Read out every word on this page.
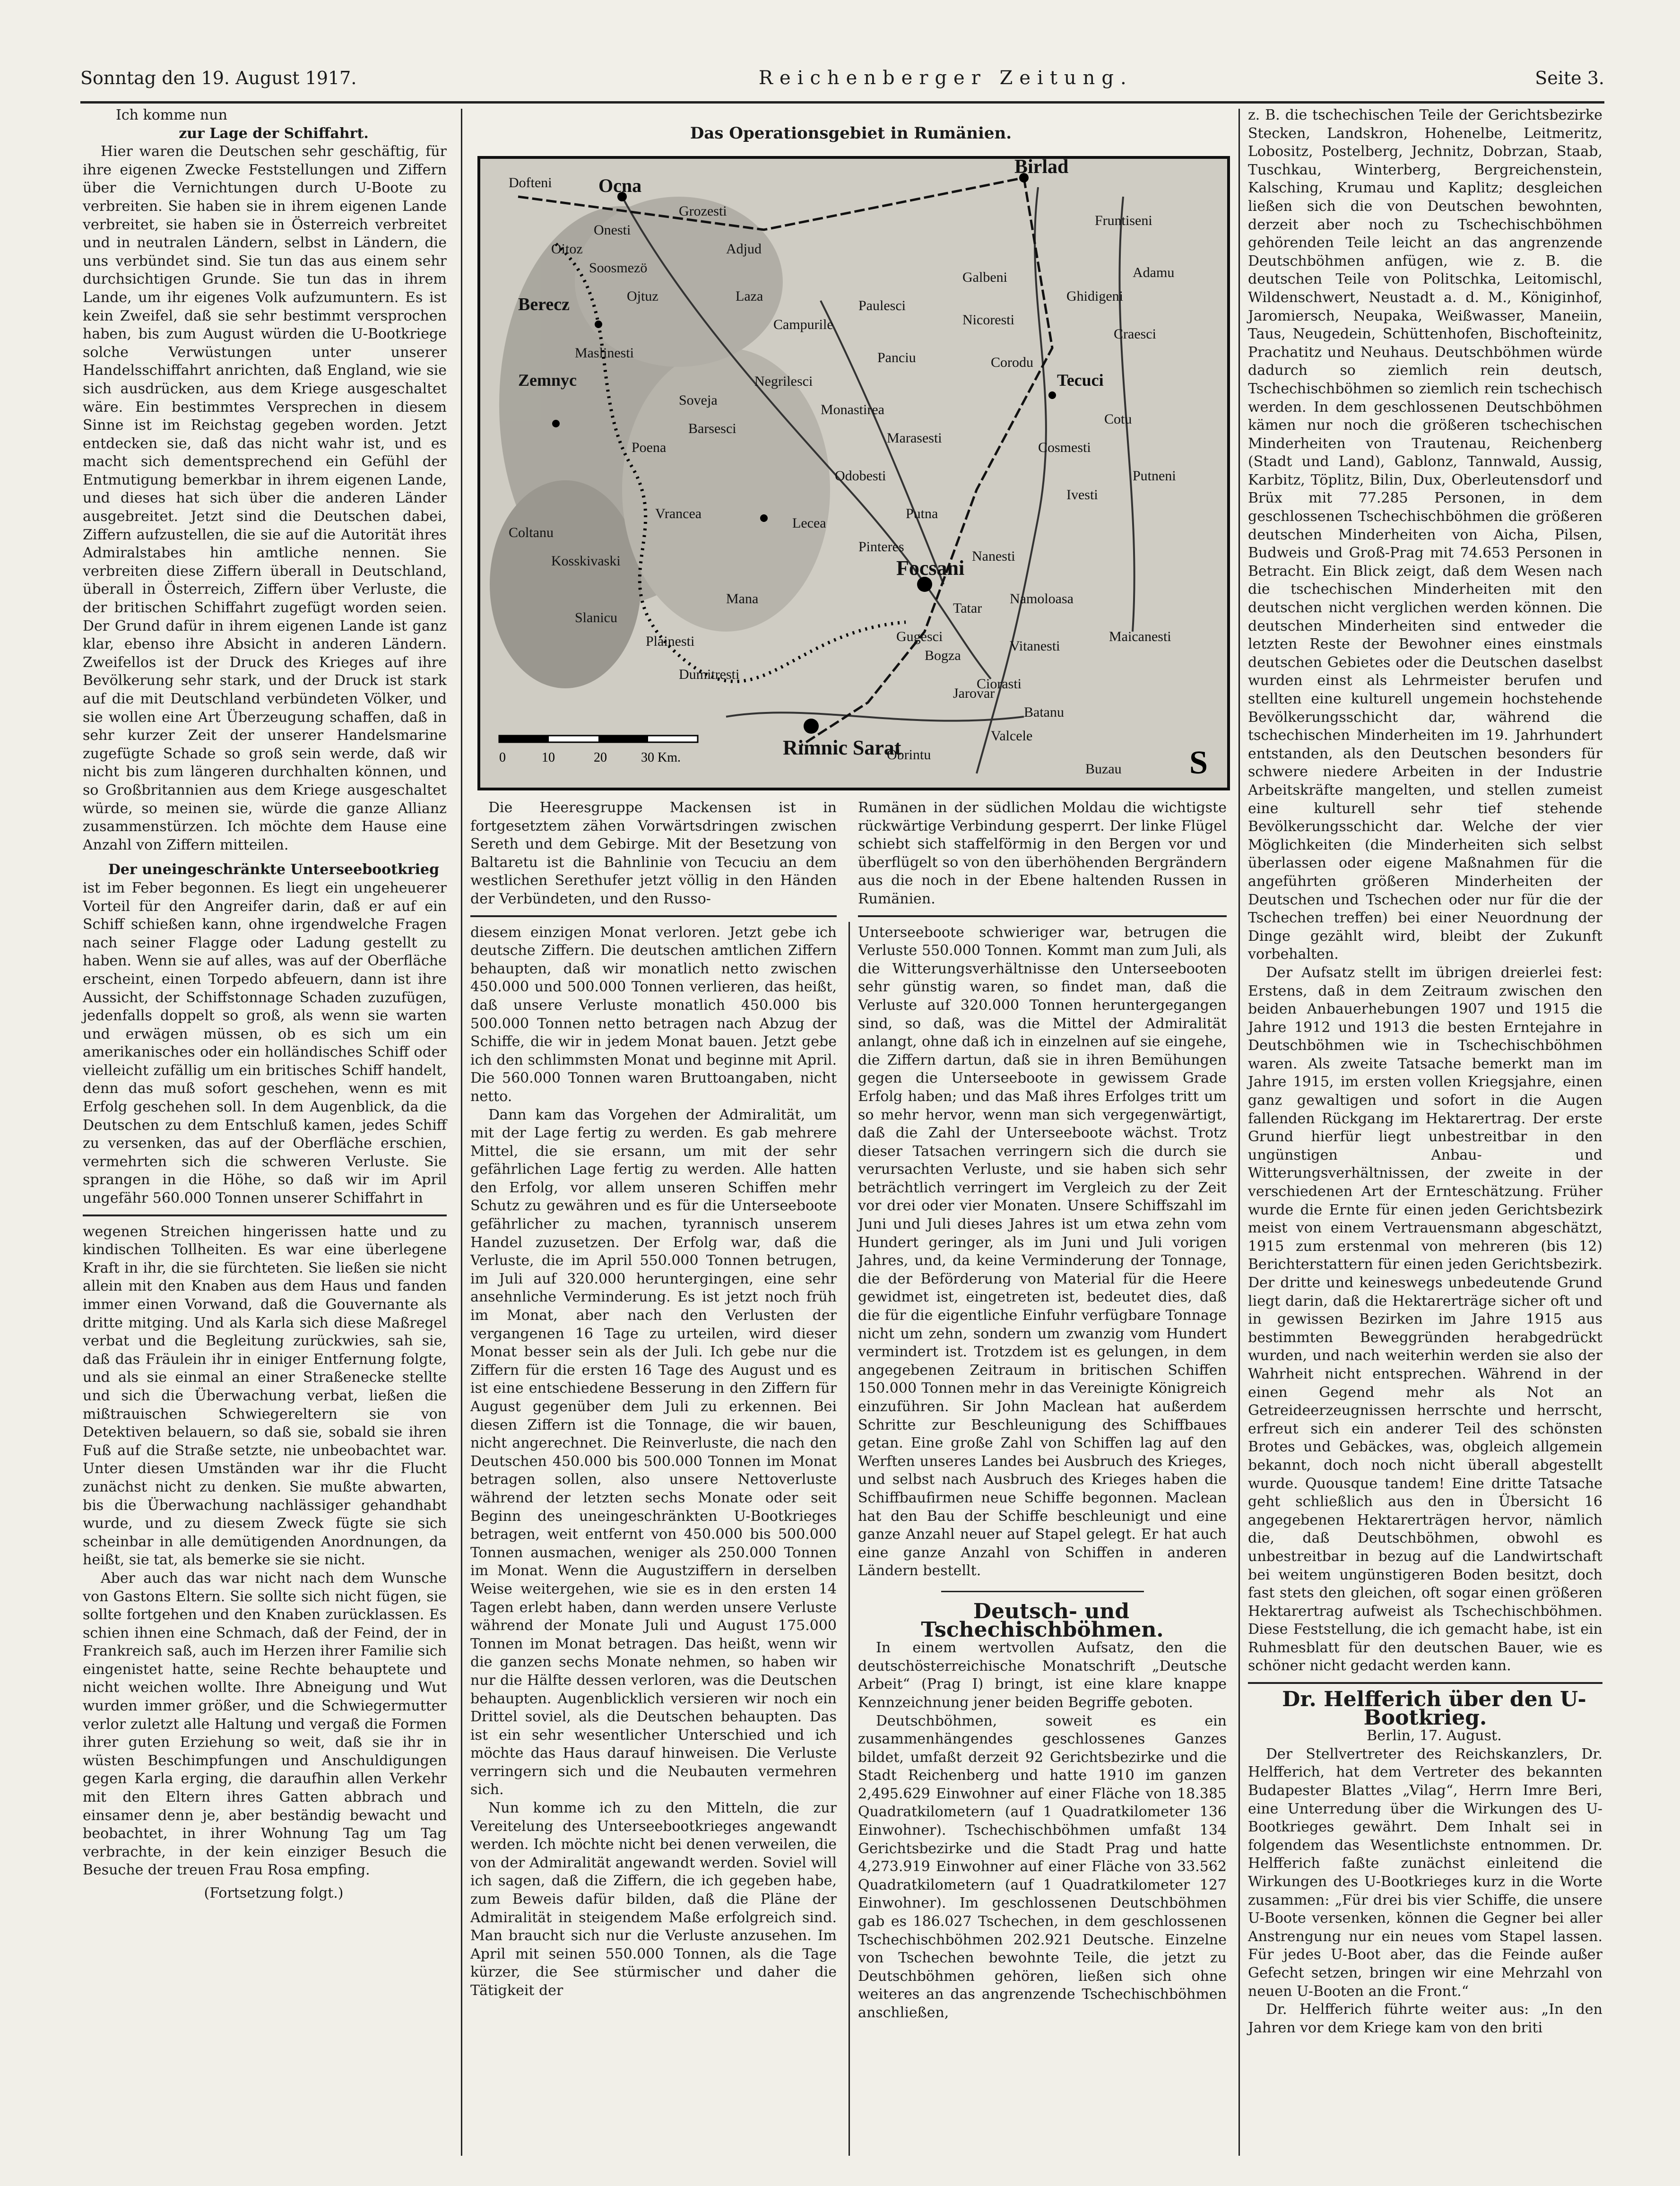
Sonntag den 19. August 1917.	Reichenberger Zeitung.	Seite 3.

Ich komme nun

zur Lage der Schiffahrt.

Hier waren die Deutschen sehr geschäftig, für ihre eigenen Zwecke Feststellungen und Ziffern über die Vernichtungen durch U-Boote zu verbreiten. Sie haben sie in ihrem eigenen Lande verbreitet, sie haben sie in Österreich verbreitet und in neutralen Ländern, selbst in Ländern, die uns verbündet sind. Sie tun das aus einem sehr durchsichtigen Grunde. Sie tun das in ihrem Lande, um ihr eigenes Volk aufzumuntern. Es ist kein Zweifel, daß sie sehr bestimmt versprochen haben, bis zum August würden die U-Bootkriege solche Verwüstungen unter unserer Handelsschiffahrt anrichten, daß England, wie sie sich ausdrücken, aus dem Kriege ausgeschaltet wäre. Ein bestimmtes Versprechen in diesem Sinne ist im Reichstag gegeben worden. Jetzt entdecken sie, daß das nicht wahr ist, und es macht sich dementsprechend ein Gefühl der Entmutigung bemerkbar in ihrem eigenen Lande, und dieses hat sich über die anderen Länder ausgebreitet. Jetzt sind die Deutschen dabei, Ziffern aufzustellen, die sie auf die Autorität ihres Admiralstabes hin amtliche nennen. Sie verbreiten diese Ziffern überall in Deutschland, überall in Österreich, Ziffern über Verluste, die der britischen Schiffahrt zugefügt worden seien. Der Grund dafür in ihrem eigenen Lande ist ganz klar, ebenso ihre Absicht in anderen Ländern. Zweifellos ist der Druck des Krieges auf ihre Bevölkerung sehr stark, und der Druck ist stark auf die mit Deutschland verbündeten Völker, und sie wollen eine Art Überzeugung schaffen, daß in sehr kurzer Zeit der unserer Handelsmarine zugefügte Schade so groß sein werde, daß wir nicht bis zum längeren durchhalten können, und so Großbritannien aus dem Kriege ausgeschaltet würde, so meinen sie, würde die ganze Allianz zusammenstürzen. Ich möchte dem Hause eine Anzahl von Ziffern mitteilen.

Der uneingeschränkte Unterseebootkrieg

ist im Feber begonnen. Es liegt ein ungeheuerer Vorteil für den Angreifer darin, daß er auf ein Schiff schießen kann, ohne irgendwelche Fragen nach seiner Flagge oder Ladung gestellt zu haben. Wenn sie auf alles, was auf der Oberfläche erscheint, einen Torpedo abfeuern, dann ist ihre Aussicht, der Schiffstonnage Schaden zuzufügen, jedenfalls doppelt so groß, als wenn sie warten und erwägen müssen, ob es sich um ein amerikanisches oder ein holländisches Schiff oder vielleicht zufällig um ein britisches Schiff handelt, denn das muß sofort geschehen, wenn es mit Erfolg geschehen soll. In dem Augenblick, da die Deutschen zu dem Entschluß kamen, jedes Schiff zu versenken, das auf der Oberfläche erschien, vermehrten sich die schweren Verluste. Sie sprangen in die Höhe, so daß wir im April ungefähr 560.000 Tonnen unserer Schiffahrt in

wegenen Streichen hingerissen hatte und zu kindischen Tollheiten. Es war eine überlegene Kraft in ihr, die sie fürchteten. Sie ließen sie nicht allein mit den Knaben aus dem Haus und fanden immer einen Vorwand, daß die Gouvernante als dritte mitging. Und als Karla sich diese Maßregel verbat und die Begleitung zurückwies, sah sie, daß das Fräulein ihr in einiger Entfernung folgte, und als sie einmal an einer Straßenecke stellte und sich die Überwachung verbat, ließen die mißtrauischen Schwiegereltern sie von Detektiven belauern, so daß sie, sobald sie ihren Fuß auf die Straße setzte, nie unbeobachtet war. Unter diesen Umständen war ihr die Flucht zunächst nicht zu denken. Sie mußte abwarten, bis die Überwachung nachlässiger gehandhabt wurde, und zu diesem Zweck fügte sie sich scheinbar in alle demütigenden Anordnungen, da heißt, sie tat, als bemerke sie sie nicht.

Aber auch das war nicht nach dem Wunsche von Gastons Eltern. Sie sollte sich nicht fügen, sie sollte fortgehen und den Knaben zurücklassen. Es schien ihnen eine Schmach, daß der Feind, der in Frankreich saß, auch im Herzen ihrer Familie sich eingenistet hatte, seine Rechte behauptete und nicht weichen wollte. Ihre Abneigung und Wut wurden immer größer, und die Schwiegermutter verlor zuletzt alle Haltung und vergaß die Formen ihrer guten Erziehung so weit, daß sie ihr in wüsten Beschimpfungen und Anschuldigungen gegen Karla erging, die daraufhin allen Verkehr mit den Eltern ihres Gatten abbrach und einsamer denn je, aber beständig bewacht und beobachtet, in ihrer Wohnung Tag um Tag verbrachte, in der kein einziger Besuch die Besuche der treuen Frau Rosa empfing.

(Fortsetzung folgt.)

Das Operationsgebiet in Rumänien.
Birlad
Ocna
Dofteni
Onesti
Grozesti
Adjud
Berecz
Soosmezö
Oitoz
Ojtuz
Zemnyc
Nanesti
Focsani
Marasesti
Tecuci
Ivesti
Panciu
Odobesti
Campurile
Soveja
Gugesci
Vrancea
Rimnic Sarat
Putna
Namoloasa
Cosmesti
Ciorasti
Buzau
Negrilesci
Laza
Paulesci
Monastirea
Barsesci
Poena
Maslinesti
Lecea
Corodu
Nicoresti
Galbeni
Ghidigeni
Fruntiseni
Pinteres
Adamu
Cotu
Bogza
Jarovar
Vitanesti
Batanu
Maicanesti
Valcele
Obrintu
Putneni
Coltanu
Kosskivaski
Plainesti
Dumitresti
Slanicu
Mana
Craesci
Tatar
0	10	20	30 Km.	S

Die Heeresgruppe Mackensen ist in fortgesetztem zähen Vorwärtsdringen zwischen Sereth und dem Gebirge. Mit der Besetzung von Baltaretu ist die Bahnlinie von Tecuciu an dem westlichen Serethufer jetzt völlig in den Händen der Verbündeten, und den Russo-

diesem einzigen Monat verloren. Jetzt gebe ich deutsche Ziffern. Die deutschen amtlichen Ziffern behaupten, daß wir monatlich netto zwischen 450.000 und 500.000 Tonnen verlieren, das heißt, daß unsere Verluste monatlich 450.000 bis 500.000 Tonnen netto betragen nach Abzug der Schiffe, die wir in jedem Monat bauen. Jetzt gebe ich den schlimmsten Monat und beginne mit April. Die 560.000 Tonnen waren Bruttoangaben, nicht netto.

Dann kam das Vorgehen der Admiralität, um mit der Lage fertig zu werden. Es gab mehrere Mittel, die sie ersann, um mit der sehr gefährlichen Lage fertig zu werden. Alle hatten den Erfolg, vor allem unseren Schiffen mehr Schutz zu gewähren und es für die Unterseeboote gefährlicher zu machen, tyrannisch unserem Handel zuzusetzen. Der Erfolg war, daß die Verluste, die im April 550.000 Tonnen betrugen, im Juli auf 320.000 heruntergingen, eine sehr ansehnliche Verminderung. Es ist jetzt noch früh im Monat, aber nach den Verlusten der vergangenen 16 Tage zu urteilen, wird dieser Monat besser sein als der Juli. Ich gebe nur die Ziffern für die ersten 16 Tage des August und es ist eine entschiedene Besserung in den Ziffern für August gegenüber dem Juli zu erkennen. Bei diesen Ziffern ist die Tonnage, die wir bauen, nicht angerechnet. Die Reinverluste, die nach den Deutschen 450.000 bis 500.000 Tonnen im Monat betragen sollen, also unsere Nettoverluste während der letzten sechs Monate oder seit Beginn des uneingeschränkten U-Bootkrieges betragen, weit entfernt von 450.000 bis 500.000 Tonnen ausmachen, weniger als 250.000 Tonnen im Monat. Wenn die Augustziffern in derselben Weise weitergehen, wie sie es in den ersten 14 Tagen erlebt haben, dann werden unsere Verluste während der Monate Juli und August 175.000 Tonnen im Monat betragen. Das heißt, wenn wir die ganzen sechs Monate nehmen, so haben wir nur die Hälfte dessen verloren, was die Deutschen behaupten. Augenblicklich versieren wir noch ein Drittel soviel, als die Deutschen behaupten. Das ist ein sehr wesentlicher Unterschied und ich möchte das Haus darauf hinweisen. Die Verluste verringern sich und die Neubauten vermehren sich.

Nun komme ich zu den Mitteln, die zur Vereitelung des Unterseebootkrieges angewandt werden. Ich möchte nicht bei denen verweilen, die von der Admiralität angewandt werden. Soviel will ich sagen, daß die Ziffern, die ich gegeben habe, zum Beweis dafür bilden, daß die Pläne der Admiralität in steigendem Maße erfolgreich sind. Man braucht sich nur die Verluste anzusehen. Im April mit seinen 550.000 Tonnen, als die Tage kürzer, die See stürmischer und daher die Tätigkeit der

Rumänen in der südlichen Moldau die wichtigste rückwärtige Verbindung gesperrt. Der linke Flügel schiebt sich staffelförmig in den Bergen vor und überflügelt so von den überhöhenden Bergrändern aus die noch in der Ebene haltenden Russen in Rumänien.

Unterseeboote schwieriger war, betrugen die Verluste 550.000 Tonnen. Kommt man zum Juli, als die Witterungsverhältnisse den Unterseebooten sehr günstig waren, so findet man, daß die Verluste auf 320.000 Tonnen heruntergegangen sind, so daß, was die Mittel der Admiralität anlangt, ohne daß ich in einzelnen auf sie eingehe, die Ziffern dartun, daß sie in ihren Bemühungen gegen die Unterseeboote in gewissem Grade Erfolg haben; und das Maß ihres Erfolges tritt um so mehr hervor, wenn man sich vergegenwärtigt, daß die Zahl der Unterseeboote wächst. Trotz dieser Tatsachen verringern sich die durch sie verursachten Verluste, und sie haben sich sehr beträchtlich verringert im Vergleich zu der Zeit vor drei oder vier Monaten. Unsere Schiffszahl im Juni und Juli dieses Jahres ist um etwa zehn vom Hundert geringer, als im Juni und Juli vorigen Jahres, und, da keine Verminderung der Tonnage, die der Beförderung von Material für die Heere gewidmet ist, eingetreten ist, bedeutet dies, daß die für die eigentliche Einfuhr verfügbare Tonnage nicht um zehn, sondern um zwanzig vom Hundert vermindert ist. Trotzdem ist es gelungen, in dem angegebenen Zeitraum in britischen Schiffen 150.000 Tonnen mehr in das Vereinigte Königreich einzuführen. Sir John Maclean hat außerdem Schritte zur Beschleunigung des Schiffbaues getan. Eine große Zahl von Schiffen lag auf den Werften unseres Landes bei Ausbruch des Krieges, und selbst nach Ausbruch des Krieges haben die Schiffbaufirmen neue Schiffe begonnen. Maclean hat den Bau der Schiffe beschleunigt und eine ganze Anzahl neuer auf Stapel gelegt. Er hat auch eine ganze Anzahl von Schiffen in anderen Ländern bestellt.

Deutsch- und Tschechischböhmen.

In einem wertvollen Aufsatz, den die deutschösterreichische Monatschrift „Deutsche Arbeit“ (Prag I) bringt, ist eine klare knappe Kennzeichnung jener beiden Begriffe geboten.

Deutschböhmen, soweit es ein zusammenhängendes geschlossenes Ganzes bildet, umfaßt derzeit 92 Gerichtsbezirke und die Stadt Reichenberg und hatte 1910 im ganzen 2,495.629 Einwohner auf einer Fläche von 18.385 Quadratkilometern (auf 1 Quadratkilometer 136 Einwohner). Tschechischböhmen umfaßt 134 Gerichtsbezirke und die Stadt Prag und hatte 4,273.919 Einwohner auf einer Fläche von 33.562 Quadratkilometern (auf 1 Quadratkilometer 127 Einwohner). Im geschlossenen Deutschböhmen gab es 186.027 Tschechen, in dem geschlossenen Tschechischböhmen 202.921 Deutsche. Einzelne von Tschechen bewohnte Teile, die jetzt zu Deutschböhmen gehören, ließen sich ohne weiteres an das angrenzende Tschechischböhmen anschließen,

z. B. die tschechischen Teile der Gerichtsbezirke Stecken, Landskron, Hohenelbe, Leitmeritz, Lobositz, Postelberg, Jechnitz, Dobrzan, Staab, Tuschkau, Winterberg, Bergreichenstein, Kalsching, Krumau und Kaplitz; desgleichen ließen sich die von Deutschen bewohnten, derzeit aber noch zu Tschechischböhmen gehörenden Teile leicht an das angrenzende Deutschböhmen anfügen, wie z. B. die deutschen Teile von Politschka, Leitomischl, Wildenschwert, Neustadt a. d. M., Königinhof, Jaromiersch, Neupaka, Weißwasser, Maneiin, Taus, Neugedein, Schüttenhofen, Bischofteinitz, Prachatitz und Neuhaus. Deutschböhmen würde dadurch so ziemlich rein deutsch, Tschechischböhmen so ziemlich rein tschechisch werden. In dem geschlossenen Deutschböhmen kämen nur noch die größeren tschechischen Minderheiten von Trautenau, Reichenberg (Stadt und Land), Gablonz, Tannwald, Aussig, Karbitz, Töplitz, Bilin, Dux, Oberleutensdorf und Brüx mit 77.285 Personen, in dem geschlossenen Tschechischböhmen die größeren deutschen Minderheiten von Aicha, Pilsen, Budweis und Groß-Prag mit 74.653 Personen in Betracht. Ein Blick zeigt, daß dem Wesen nach die tschechischen Minderheiten mit den deutschen nicht verglichen werden können. Die deutschen Minderheiten sind entweder die letzten Reste der Bewohner eines einstmals deutschen Gebietes oder die Deutschen daselbst wurden einst als Lehrmeister berufen und stellten eine kulturell ungemein hochstehende Bevölkerungsschicht dar, während die tschechischen Minderheiten im 19. Jahrhundert entstanden, als den Deutschen besonders für schwere niedere Arbeiten in der Industrie Arbeitskräfte mangelten, und stellen zumeist eine kulturell sehr tief stehende Bevölkerungsschicht dar. Welche der vier Möglichkeiten (die Minderheiten sich selbst überlassen oder eigene Maßnahmen für die angeführten größeren Minderheiten der Deutschen und Tschechen oder nur für die der Tschechen treffen) bei einer Neuordnung der Dinge gezählt wird, bleibt der Zukunft vorbehalten.

Der Aufsatz stellt im übrigen dreierlei fest: Erstens, daß in dem Zeitraum zwischen den beiden Anbauerhebungen 1907 und 1915 die Jahre 1912 und 1913 die besten Erntejahre in Deutschböhmen wie in Tschechischböhmen waren. Als zweite Tatsache bemerkt man im Jahre 1915, im ersten vollen Kriegsjahre, einen ganz gewaltigen und sofort in die Augen fallenden Rückgang im Hektarertrag. Der erste Grund hierfür liegt unbestreitbar in den ungünstigen Anbau- und Witterungsverhältnissen, der zweite in der verschiedenen Art der Ernteschätzung. Früher wurde die Ernte für einen jeden Gerichtsbezirk meist von einem Vertrauensmann abgeschätzt, 1915 zum erstenmal von mehreren (bis 12) Berichterstattern für einen jeden Gerichtsbezirk. Der dritte und keineswegs unbedeutende Grund liegt darin, daß die Hektarerträge sicher oft und in gewissen Bezirken im Jahre 1915 aus bestimmten Beweggründen herabgedrückt wurden, und nach weiterhin werden sie also der Wahrheit nicht entsprechen. Während in der einen Gegend mehr als Not an Getreideerzeugnissen herrschte und herrscht, erfreut sich ein anderer Teil des schönsten Brotes und Gebäckes, was, obgleich allgemein bekannt, doch noch nicht überall abgestellt wurde. Quousque tandem! Eine dritte Tatsache geht schließlich aus den in Übersicht 16 angegebenen Hektarerträgen hervor, nämlich die, daß Deutschböhmen, obwohl es unbestreitbar in bezug auf die Landwirtschaft bei weitem ungünstigeren Boden besitzt, doch fast stets den gleichen, oft sogar einen größeren Hektarertrag aufweist als Tschechischböhmen. Diese Feststellung, die ich gemacht habe, ist ein Ruhmesblatt für den deutschen Bauer, wie es schöner nicht gedacht werden kann.

Dr. Helfferich über den U-Bootkrieg.

Berlin, 17. August.

Der Stellvertreter des Reichskanzlers, Dr. Helfferich, hat dem Vertreter des bekannten Budapester Blattes „Vilag“, Herrn Imre Beri, eine Unterredung über die Wirkungen des U-Bootkrieges gewährt. Dem Inhalt sei in folgendem das Wesentlichste entnommen. Dr. Helfferich faßte zunächst einleitend die Wirkungen des U-Bootkrieges kurz in die Worte zusammen: „Für drei bis vier Schiffe, die unsere U-Boote versenken, können die Gegner bei aller Anstrengung nur ein neues vom Stapel lassen. Für jedes U-Boot aber, das die Feinde außer Gefecht setzen, bringen wir eine Mehrzahl von neuen U-Booten an die Front.“

Dr. Helfferich führte weiter aus: „In den Jahren vor dem Kriege kam von den briti
